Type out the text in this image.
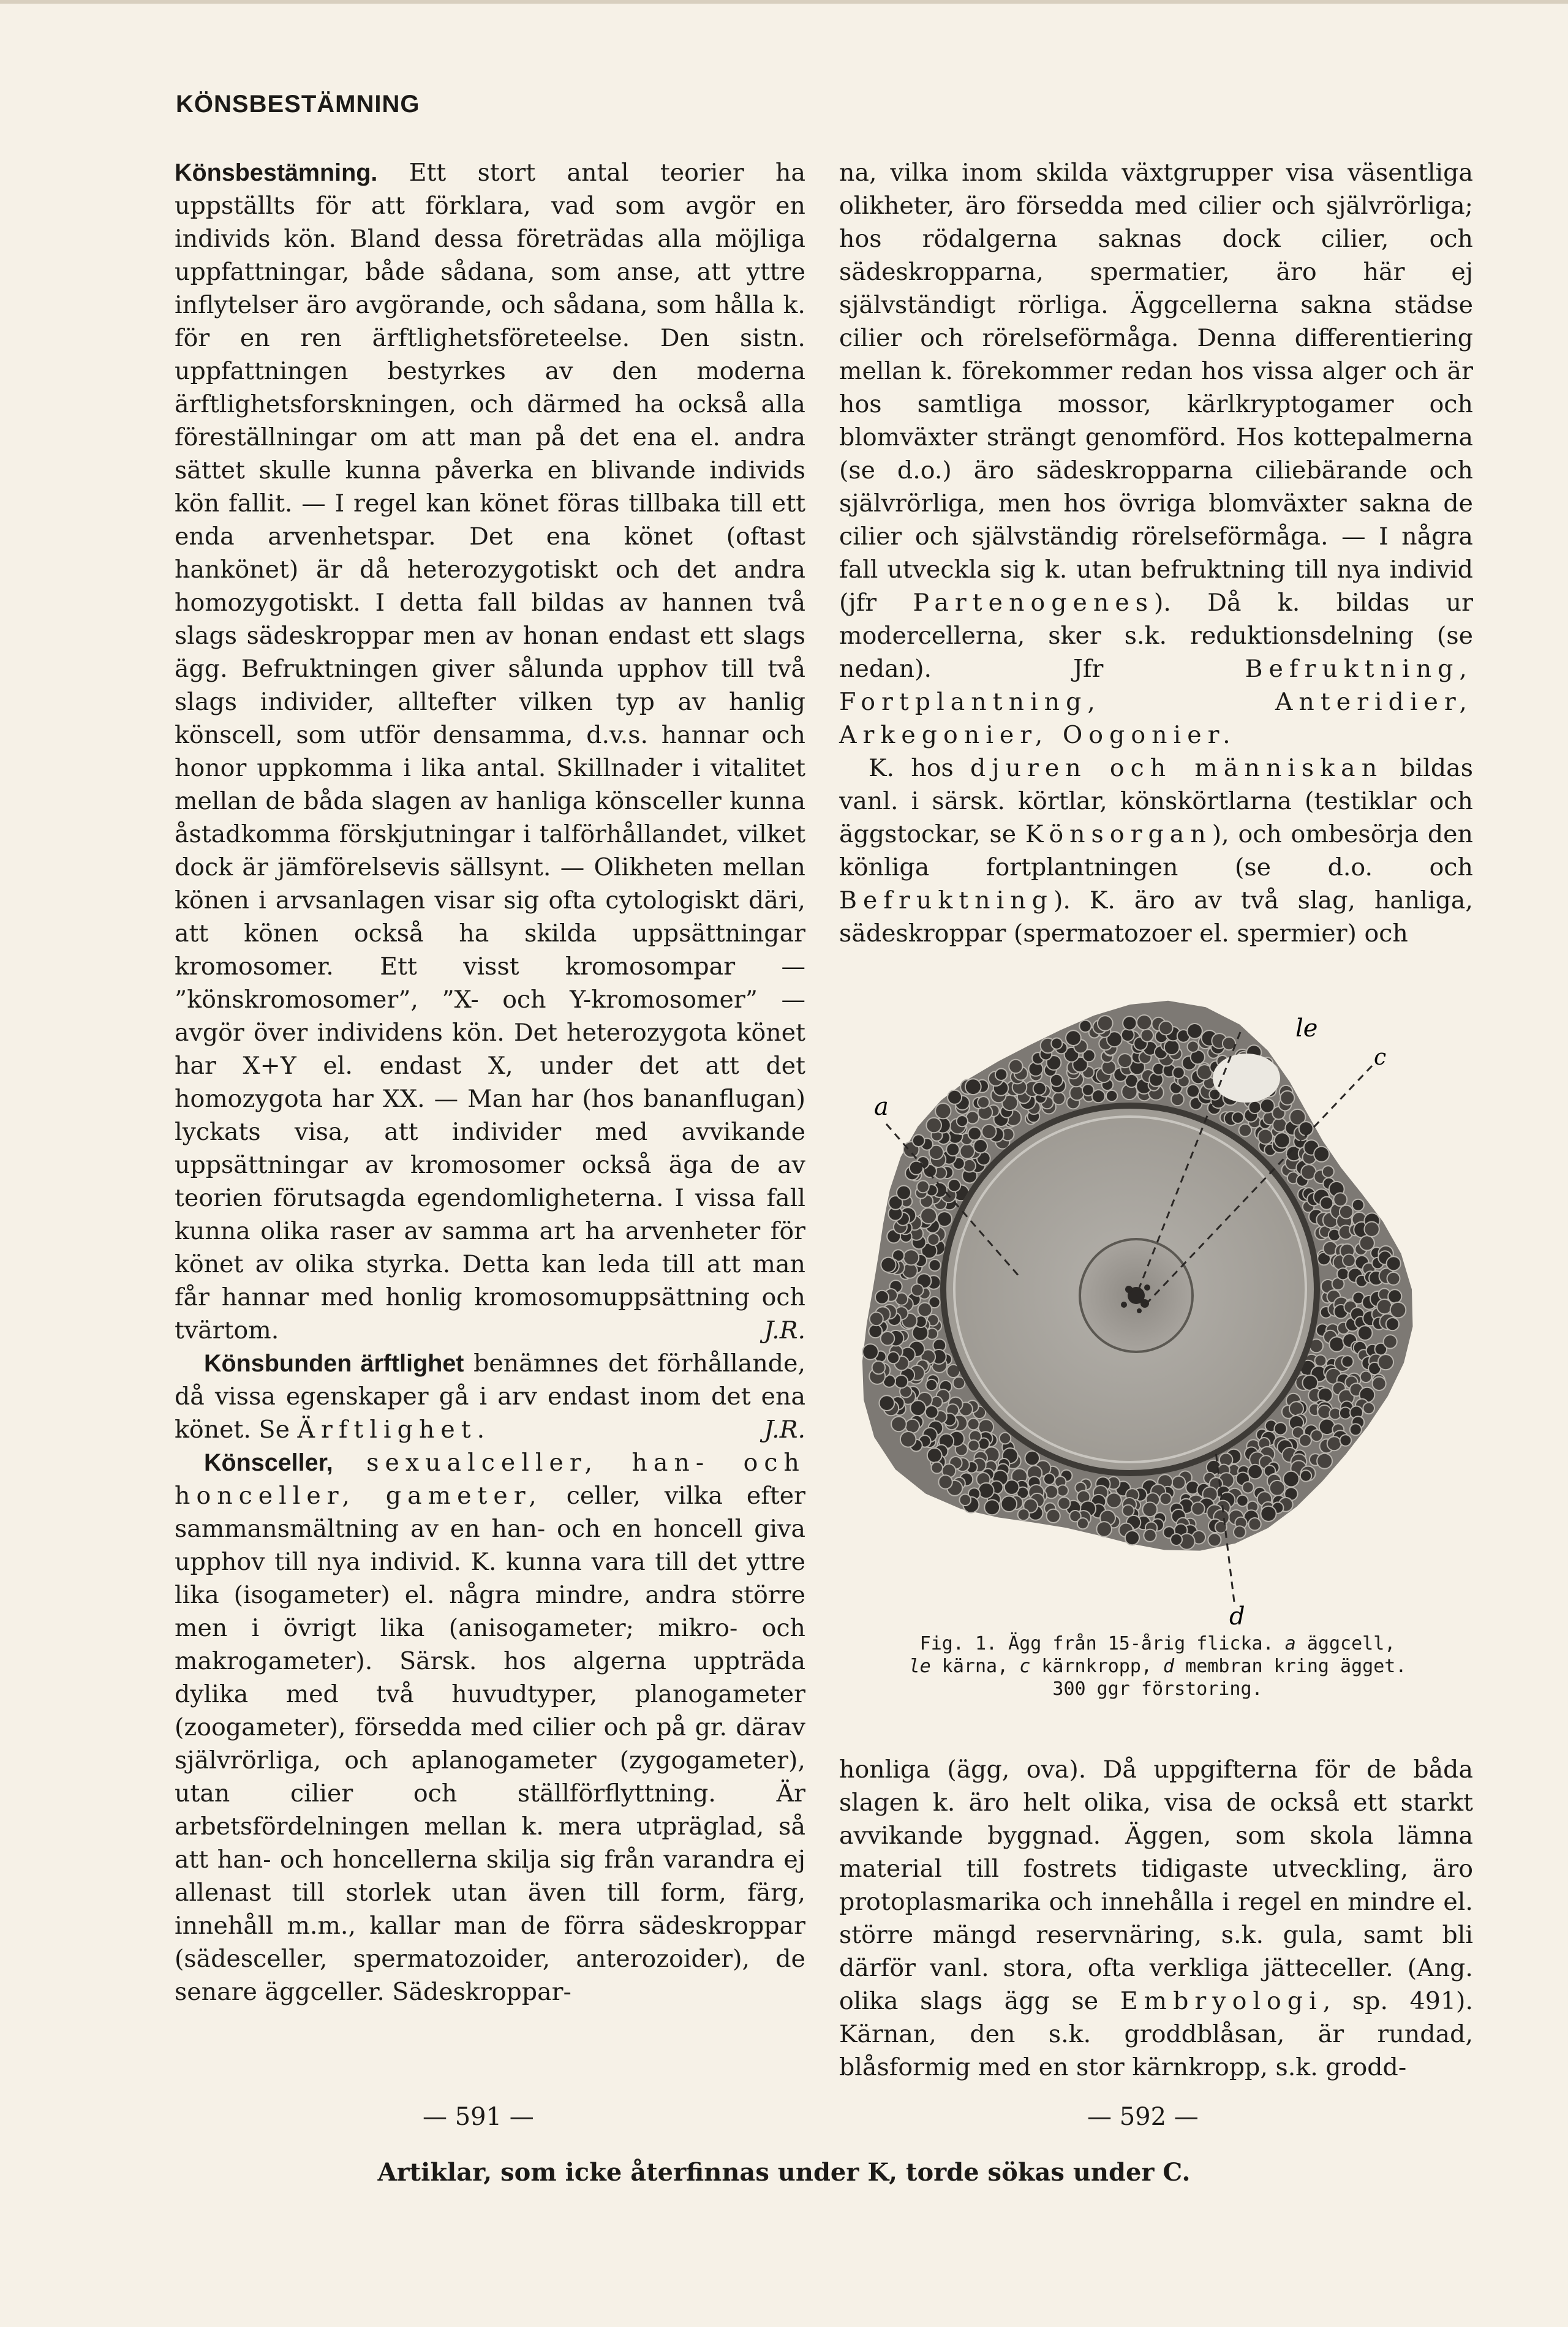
KÖNSBESTÄMNING

Könsbestämning. Ett stort antal teorier ha uppställts för att förklara, vad som avgör en individs kön. Bland dessa företrädas alla möjliga uppfattningar, både sådana, som anse, att yttre inflytelser äro avgörande, och sådana, som hålla k. för en ren ärftlighetsföreteelse. Den sistn. uppfattningen bestyrkes av den moderna ärftlighetsforskningen, och därmed ha också alla föreställningar om att man på det ena el. andra sättet skulle kunna påverka en blivande individs kön fallit. — I regel kan könet föras tillbaka till ett enda arvenhetspar. Det ena könet (oftast hankönet) är då heterozygotiskt och det andra homozygotiskt. I detta fall bildas av hannen två slags sädeskroppar men av honan endast ett slags ägg. Befruktningen giver sålunda upphov till två slags individer, alltefter vilken typ av hanlig könscell, som utför densamma, d.v.s. hannar och honor uppkomma i lika antal. Skillnader i vitalitet mellan de båda slagen av hanliga könsceller kunna åstadkomma förskjutningar i talförhållandet, vilket dock är jämförelsevis sällsynt. — Olikheten mellan könen i arvsanlagen visar sig ofta cytologiskt däri, att könen också ha skilda uppsättningar kromosomer. Ett visst kromosompar — ”könskromosomer”, ”X- och Y-kromosomer” — avgör över individens kön. Det heterozygota könet har X+Y el. endast X, under det att det homozygota har XX. — Man har (hos bananflugan) lyckats visa, att individer med avvikande uppsättningar av kromosomer också äga de av teorien förutsagda egendomligheterna. I vissa fall kunna olika raser av samma art ha arvenheter för könet av olika styrka. Detta kan leda till att man får hannar med honlig kromosomuppsättning och tvärtom.	J.R.

Könsbunden ärftlighet benämnes det förhållande, då vissa egenskaper gå i arv endast inom det ena könet. Se Ärftlighet.	J.R.

Könsceller, sexualceller, han- och honceller, gameter, celler, vilka efter sammansmältning av en han- och en honcell giva upphov till nya individ. K. kunna vara till det yttre lika (isogameter) el. några mindre, andra större men i övrigt lika (anisogameter; mikro- och makrogameter). Särsk. hos algerna uppträda dylika med två huvudtyper, planogameter (zoogameter), försedda med cilier och på gr. därav självrörliga, och aplanogameter (zygogameter), utan cilier och ställförflyttning. Är arbetsfördelningen mellan k. mera utpräglad, så att han- och honcellerna skilja sig från varandra ej allenast till storlek utan även till form, färg, innehåll m.m., kallar man de förra sädeskroppar (sädesceller, spermatozoider, anterozoider), de senare äggceller. Sädeskroppar-

na, vilka inom skilda växtgrupper visa väsentliga olikheter, äro försedda med cilier och självrörliga; hos rödalgerna saknas dock cilier, och sädeskropparna, spermatier, äro här ej självständigt rörliga. Äggcellerna sakna städse cilier och rörelseförmåga. Denna differentiering mellan k. förekommer redan hos vissa alger och är hos samtliga mossor, kärlkryptogamer och blomväxter strängt genomförd. Hos kottepalmerna (se d.o.) äro sädeskropparna ciliebärande och självrörliga, men hos övriga blomväxter sakna de cilier och självständig rörelseförmåga. — I några fall utveckla sig k. utan befruktning till nya individ (jfr Partenogenes). Då k. bildas ur modercellerna, sker s.k. reduktionsdelning (se nedan). Jfr Befruktning, Fortplantning, Anteridier, Arkegonier, Oogonier.

K. hos djuren och människan bildas vanl. i särsk. körtlar, könskörtlarna (testiklar och äggstockar, se Könsorgan), och ombesörja den könliga fortplantningen (se d.o. och Befruktning). K. äro av två slag, hanliga, sädeskroppar (spermatozoer el. spermier) och

a
le
c
d
Fig. 1. Ägg från 15-årig flicka. a äggcell,
le kärna, c kärnkropp, d membran kring ägget.
300 ggr förstoring.

honliga (ägg, ova). Då uppgifterna för de båda slagen k. äro helt olika, visa de också ett starkt avvikande byggnad. Äggen, som skola lämna material till fostrets tidigaste utveckling, äro protoplasmarika och innehålla i regel en mindre el. större mängd reservnäring, s.k. gula, samt bli därför vanl. stora, ofta verkliga jätteceller. (Ang. olika slags ägg se Embryologi, sp. 491). Kärnan, den s.k. groddblåsan, är rundad, blåsformig med en stor kärnkropp, s.k. grodd-

— 591 —	— 592 —
Artiklar, som icke återfinnas under K, torde sökas under C.
